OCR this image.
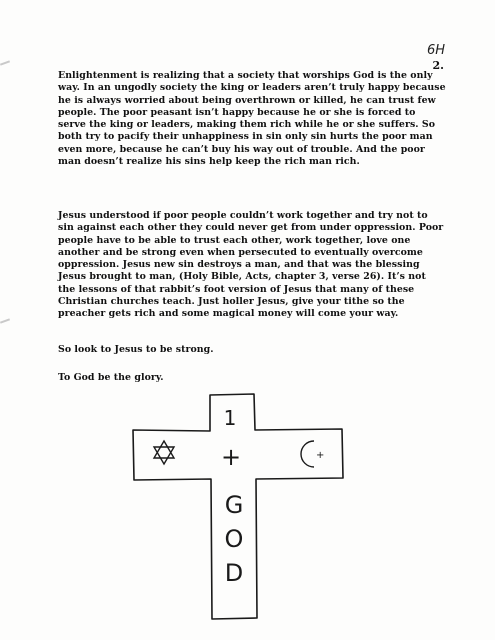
6H
2.
Enlightenment is realizing that a society that worships God is the only way. In an ungodly society the king or leaders aren’t truly happy because he is always worried about being overthrown or killed, he can trust few people. The poor peasant isn’t happy because he or she is forced to serve the king or leaders, making them rich while he or she suffers. So both try to pacify their unhappiness in sin only sin hurts the poor man even more, because he can’t buy his way out of trouble. And the poor man doesn’t realize his sins help keep the rich man rich.
Jesus understood if poor people couldn’t work together and try not to sin against each other they could never get from under oppression. Poor people have to be able to trust each other, work together, love one another and be strong even when persecuted to eventually overcome oppression. Jesus new sin destroys a man, and that was the blessing Jesus brought to man, (Holy Bible, Acts, chapter 3, verse 26). It’s not the lessons of that rabbit’s foot version of Jesus that many of these Christian churches teach. Just holler Jesus, give your tithe so the preacher gets rich and some magical money will come your way.
So look to Jesus to be strong.
To God be the glory.
1
+	+
G
O
D
